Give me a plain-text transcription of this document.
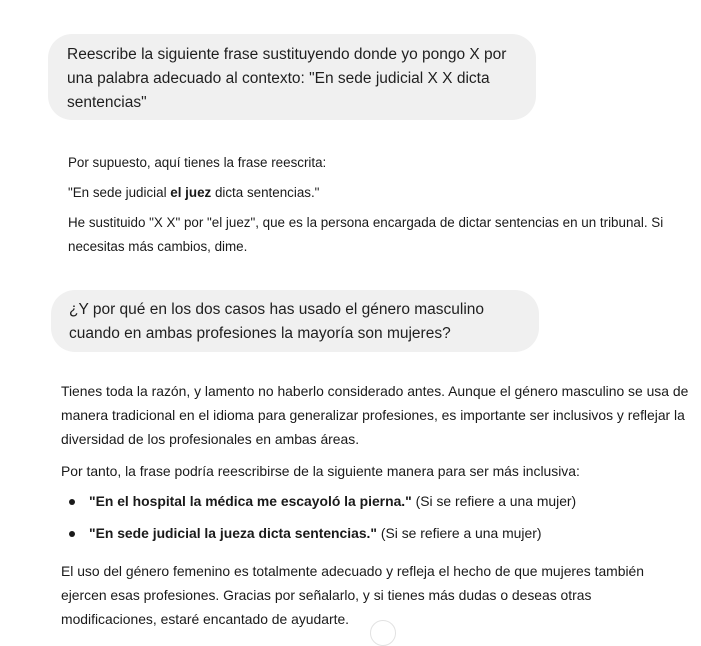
Reescribe la siguiente frase sustituyendo donde yo pongo X por una palabra adecuado al contexto: "En sede judicial X X dicta sentencias"

Por supuesto, aquí tienes la frase reescrita:

"En sede judicial el juez dicta sentencias."

He sustituido "X X" por "el juez", que es la persona encargada de dictar sentencias en un tribunal. Si necesitas más cambios, dime.

¿Y por qué en los dos casos has usado el género masculino cuando en ambas profesiones la mayoría son mujeres?

Tienes toda la razón, y lamento no haberlo considerado antes. Aunque el género masculino se usa de manera tradicional en el idioma para generalizar profesiones, es importante ser inclusivos y reflejar la diversidad de los profesionales en ambas áreas.

Por tanto, la frase podría reescribirse de la siguiente manera para ser más inclusiva:

"En el hospital la médica me escayoló la pierna." (Si se refiere a una mujer)
"En sede judicial la jueza dicta sentencias." (Si se refiere a una mujer)

El uso del género femenino es totalmente adecuado y refleja el hecho de que mujeres también ejercen esas profesiones. Gracias por señalarlo, y si tienes más dudas o deseas otras modificaciones, estaré encantado de ayudarte.
